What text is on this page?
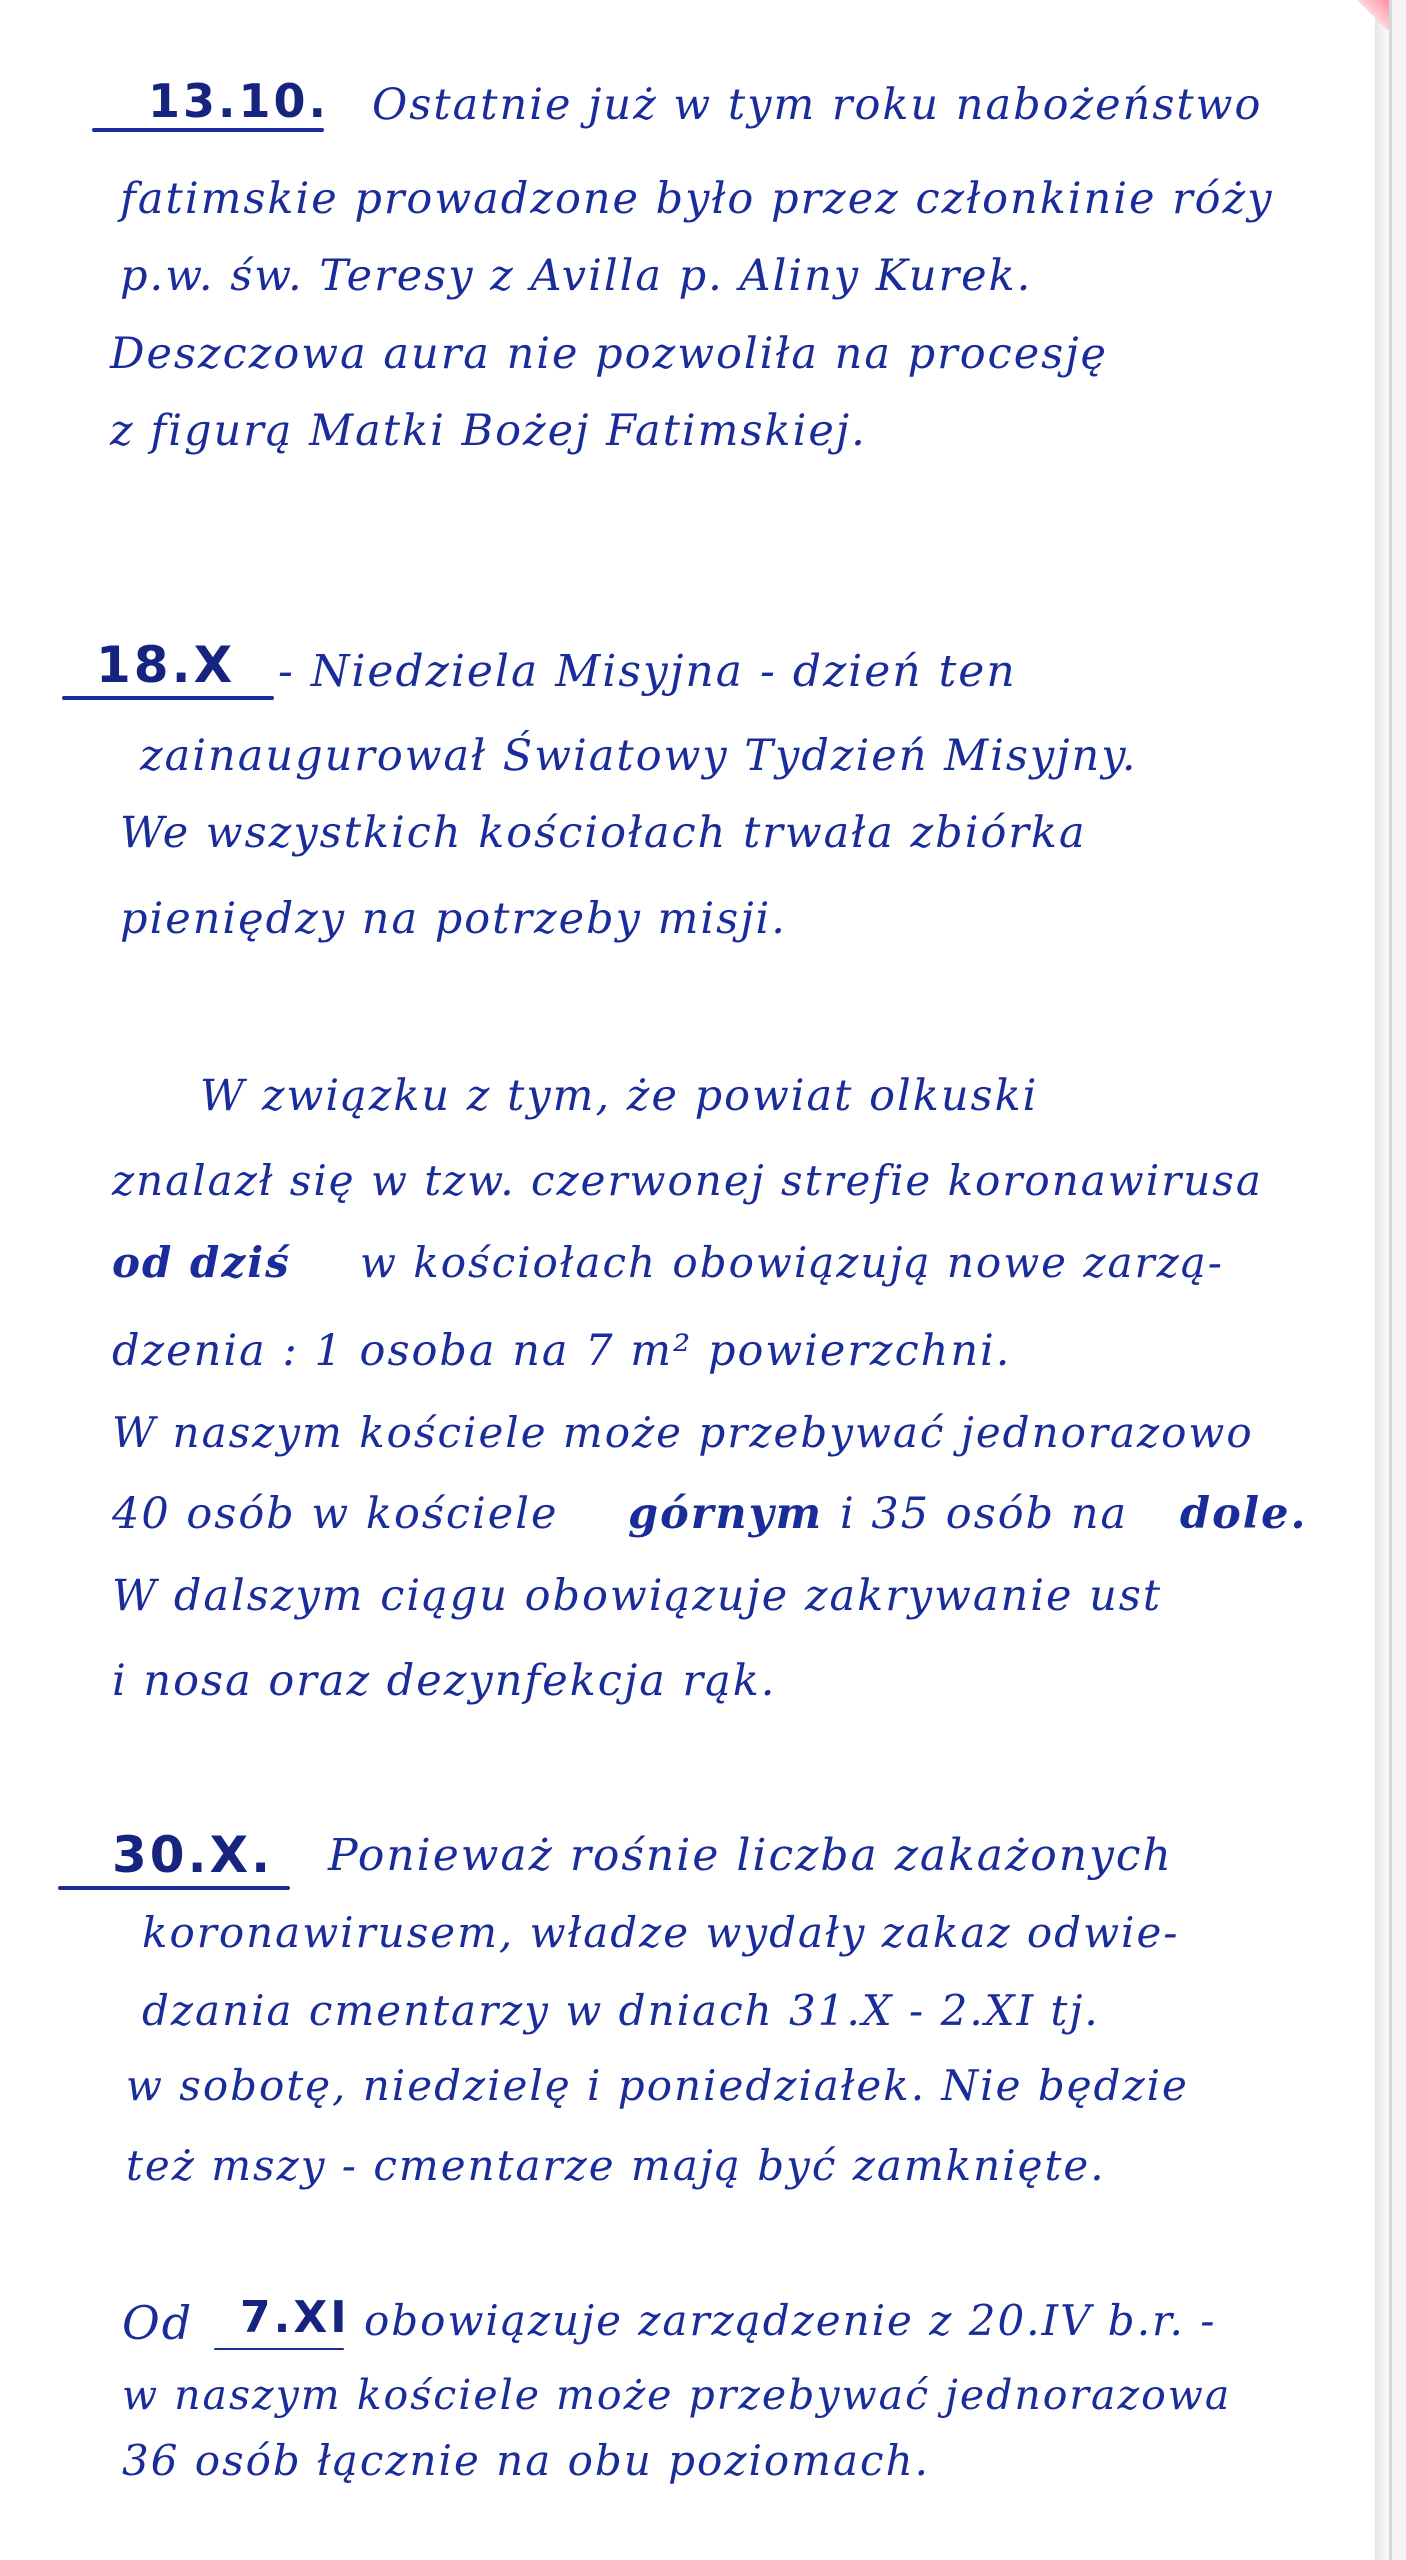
13.10. Ostatnie już w tym roku nabożeństwo
fatimskie prowadzone było przez członkinie róży
p.w. św. Teresy z Avilla p. Aliny Kurek.
Deszczowa aura nie pozwoliła na procesję
z figurą Matki Bożej Fatimskiej.
18.X - Niedziela Misyjna - dzień ten
zainaugurował Światowy Tydzień Misyjny.
We wszystkich kościołach trwała zbiórka
pieniędzy na potrzeby misji.
W związku z tym, że powiat olkuski
znalazł się w tzw. czerwonej strefie koronawirusa
od dziś w kościołach obowiązują nowe zarzą-
dzenia : 1 osoba na 7 m² powierzchni.
W naszym kościele może przebywać jednorazowo
40 osób w kościele górnym i 35 osób na dole.
W dalszym ciągu obowiązuje zakrywanie ust
i nosa oraz dezynfekcja rąk.
30.X. Ponieważ rośnie liczba zakażonych
koronawirusem, władze wydały zakaz odwie-
dzania cmentarzy w dniach 31.X - 2.XI tj.
w sobotę, niedzielę i poniedziałek. Nie będzie
też mszy - cmentarze mają być zamknięte.
Od 7.XI obowiązuje zarządzenie z 20.IV b.r. -
w naszym kościele może przebywać jednorazowa
36 osób łącznie na obu poziomach.
